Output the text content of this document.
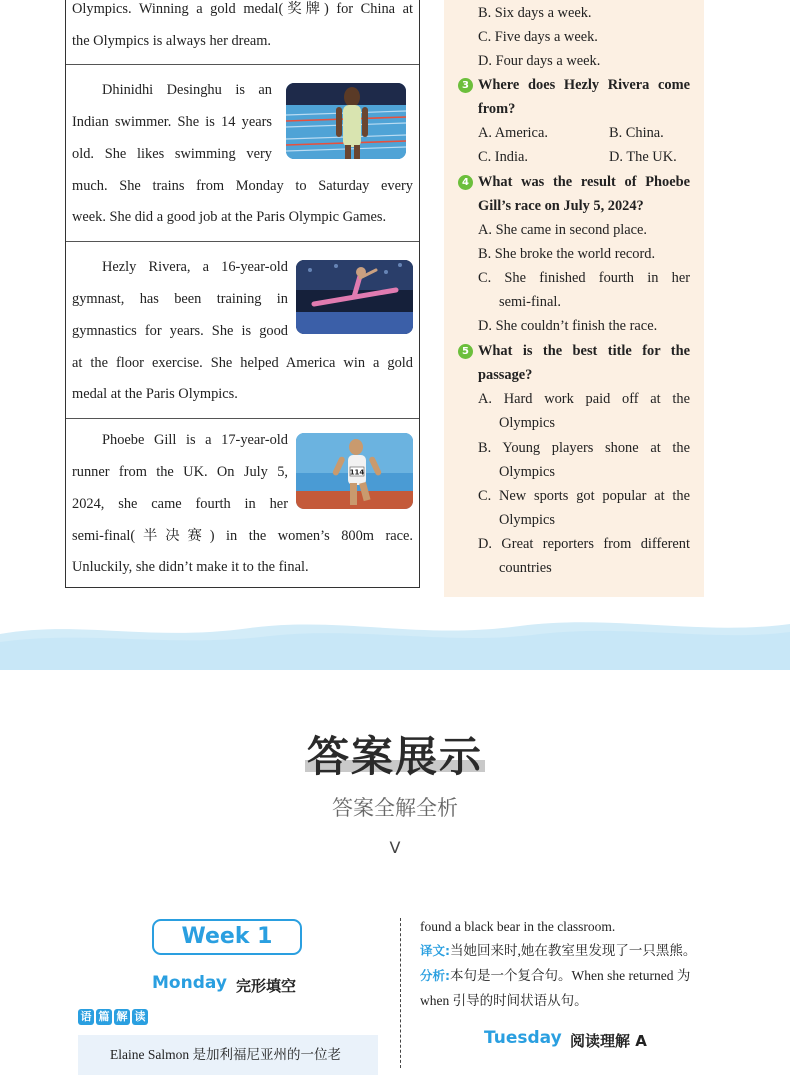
Olympics. Winning a gold medal(奖牌) for China at
the Olympics is always her dream.
Dhinidhi Desinghu is an
Indian swimmer. She is 14 years
old. She likes swimming very
much. She trains from Monday to Saturday every
week. She did a good job at the Paris Olympic Games.
Hezly Rivera, a 16-year-old
gymnast, has been training in
gymnastics for years. She is good
at the floor exercise. She helped America win a gold
medal at the Paris Olympics.
Phoebe Gill is a 17-year-old
runner from the UK. On July 5,
2024, she came fourth in her
semi-final(半决赛) in the women’s 800m race.
Unluckily, she didn’t make it to the final.
114
B. Six days a week.
C. Five days a week.
D. Four days a week.
3 Where does Hezly Rivera come
from?
A. America.	B. China.
C. India.	D. The UK.
4 What was the result of Phoebe
Gill’s race on July 5, 2024?
A. She came in second place.
B. She broke the world record.
C. She finished fourth in her
semi-final.
D. She couldn’t finish the race.
5 What is the best title for the
passage?
A. Hard work paid off at the
Olympics
B. Young players shone at the
Olympics
C. New sports got popular at the
Olympics
D. Great reporters from different
countries
答案展示
答案全解全析
V
Week 1
Monday 完形填空
语 篇 解 读
Elaine Salmon 是加利福尼亚州的一位老
found a black bear in the classroom.
译文:当她回来时,她在教室里发现了一只黑熊。
分析:本句是一个复合句。When she returned 为
when 引导的时间状语从句。
Tuesday 阅读理解 A
